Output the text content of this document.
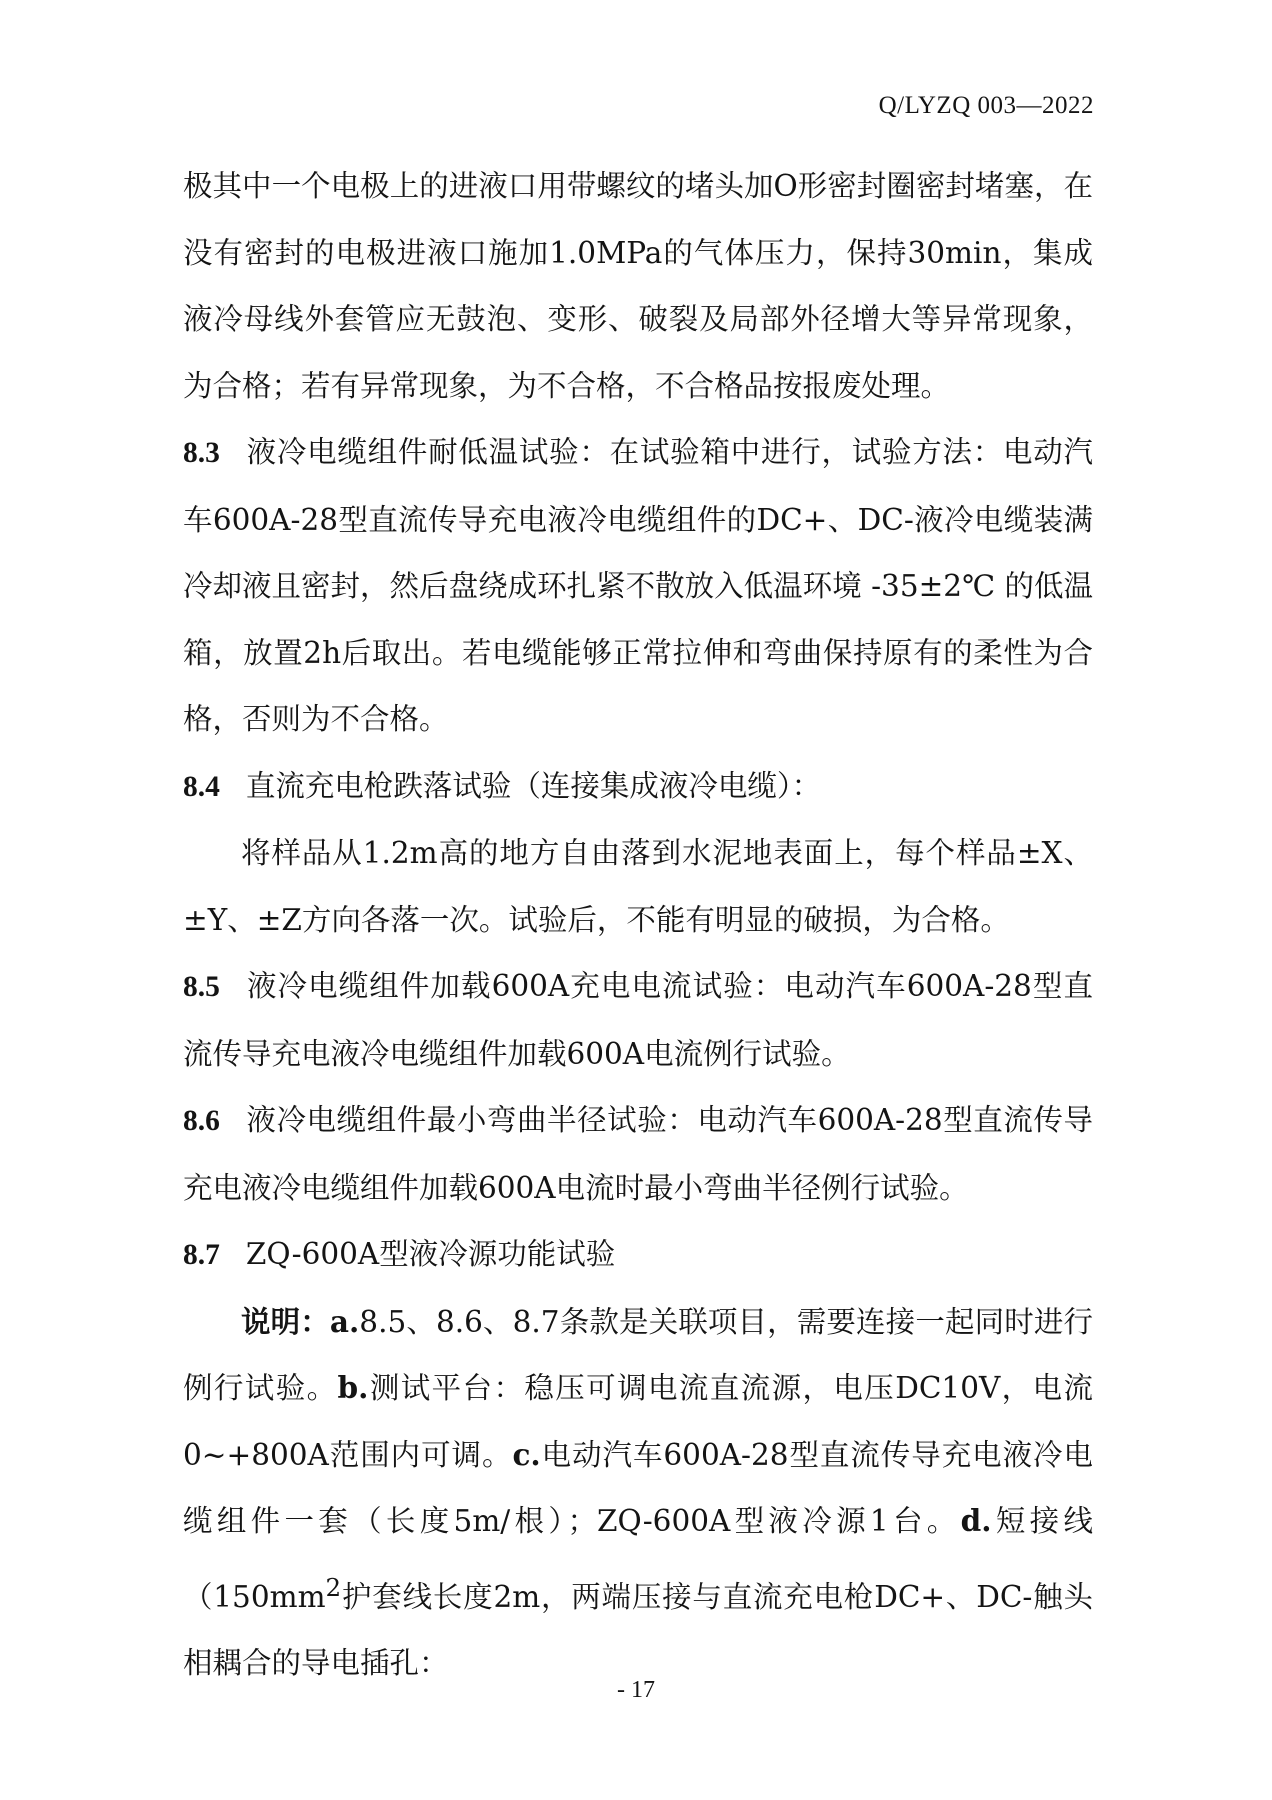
Q/LYZQ 003—2022

极其中一个电极上的进液口用带螺纹的堵头加O形密封圈密封堵塞，在没有密封的电极进液口施加1.0MPa的气体压力，保持30min，集成液冷母线外套管应无鼓泡、变形、破裂及局部外径增大等异常现象，为合格；若有异常现象，为不合格，不合格品按报废处理。

8.3 液冷电缆组件耐低温试验：在试验箱中进行，试验方法：电动汽车600A-28型直流传导充电液冷电缆组件的DC+、DC-液冷电缆装满冷却液且密封，然后盘绕成环扎紧不散放入低温环境 -35±2℃ 的低温箱，放置2h后取出。若电缆能够正常拉伸和弯曲保持原有的柔性为合格，否则为不合格。

8.4 直流充电枪跌落试验（连接集成液冷电缆）：

将样品从1.2m高的地方自由落到水泥地表面上，每个样品±X、±Y、±Z方向各落一次。试验后，不能有明显的破损，为合格。

8.5 液冷电缆组件加载600A充电电流试验：电动汽车600A-28型直流传导充电液冷电缆组件加载600A电流例行试验。

8.6 液冷电缆组件最小弯曲半径试验：电动汽车600A-28型直流传导充电液冷电缆组件加载600A电流时最小弯曲半径例行试验。

8.7 ZQ-600A型液冷源功能试验

说明：a.8.5、8.6、8.7条款是关联项目，需要连接一起同时进行例行试验。b.测试平台：稳压可调电流直流源，电压DC10V，电流0~+800A范围内可调。c.电动汽车600A-28型直流传导充电液冷电缆组件一套（长度5m/根）；ZQ-600A型液冷源1台。d.短接线（$150mm^2$护套线长度2m，两端压接与直流充电枪DC+、DC-触头相耦合的导电插孔：

- 17
